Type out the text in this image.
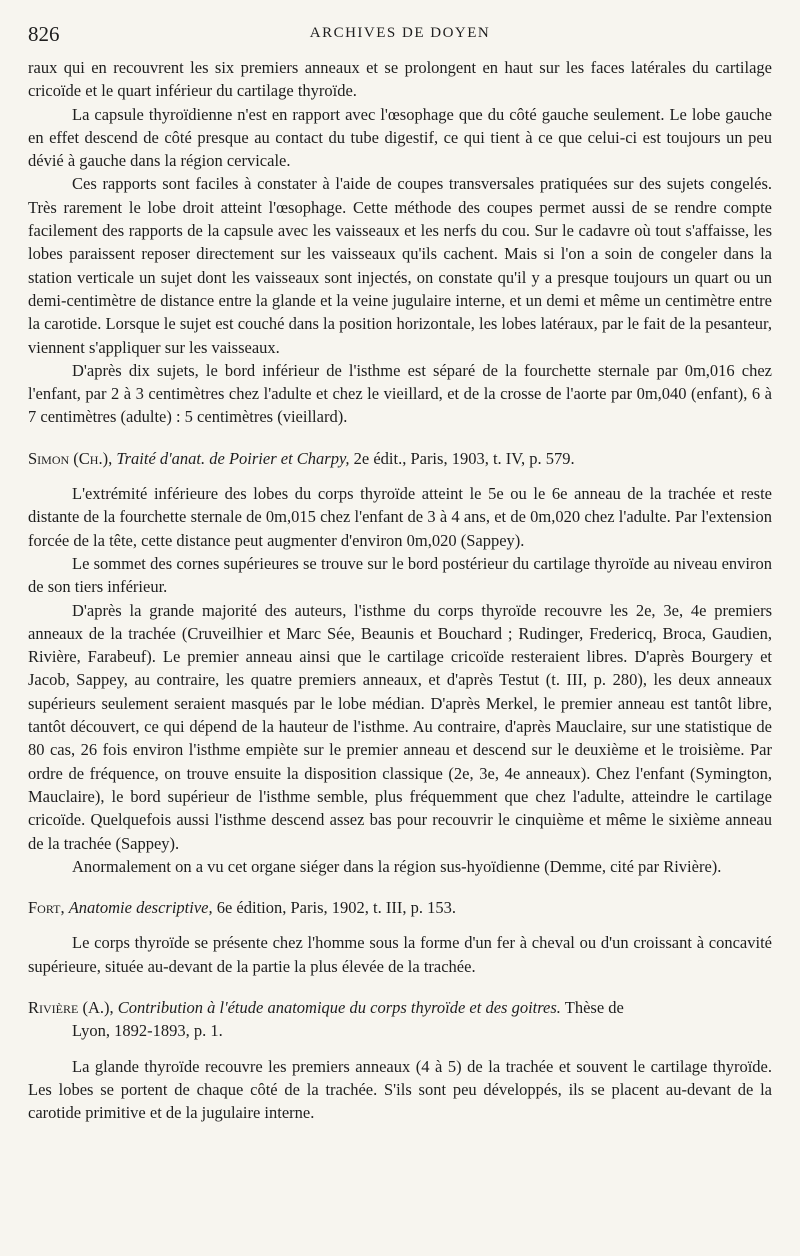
826	ARCHIVES DE DOYEN

raux qui en recouvrent les six premiers anneaux et se prolongent en haut sur les faces latérales du cartilage cricoïde et le quart inférieur du cartilage thyroïde.

La capsule thyroïdienne n'est en rapport avec l'œsophage que du côté gauche seulement. Le lobe gauche en effet descend de côté presque au contact du tube digestif, ce qui tient à ce que celui-ci est toujours un peu dévié à gauche dans la région cervicale.

Ces rapports sont faciles à constater à l'aide de coupes transversales pratiquées sur des sujets congelés. Très rarement le lobe droit atteint l'œsophage. Cette méthode des coupes permet aussi de se rendre compte facilement des rapports de la capsule avec les vaisseaux et les nerfs du cou. Sur le cadavre où tout s'affaisse, les lobes paraissent reposer directement sur les vaisseaux qu'ils cachent. Mais si l'on a soin de congeler dans la station verticale un sujet dont les vaisseaux sont injectés, on constate qu'il y a presque toujours un quart ou un demi-centimètre de distance entre la glande et la veine jugulaire interne, et un demi et même un centimètre entre la carotide. Lorsque le sujet est couché dans la position horizontale, les lobes latéraux, par le fait de la pesanteur, viennent s'appliquer sur les vaisseaux.

D'après dix sujets, le bord inférieur de l'isthme est séparé de la fourchette sternale par 0m,016 chez l'enfant, par 2 à 3 centimètres chez l'adulte et chez le vieillard, et de la crosse de l'aorte par 0m,040 (enfant), 6 à 7 centimètres (adulte) : 5 centimètres (vieillard).

Simon (Ch.), Traité d'anat. de Poirier et Charpy, 2e édit., Paris, 1903, t. IV, p. 579.

L'extrémité inférieure des lobes du corps thyroïde atteint le 5e ou le 6e anneau de la trachée et reste distante de la fourchette sternale de 0m,015 chez l'enfant de 3 à 4 ans, et de 0m,020 chez l'adulte. Par l'extension forcée de la tête, cette distance peut augmenter d'environ 0m,020 (Sappey).

Le sommet des cornes supérieures se trouve sur le bord postérieur du cartilage thyroïde au niveau environ de son tiers inférieur.

D'après la grande majorité des auteurs, l'isthme du corps thyroïde recouvre les 2e, 3e, 4e premiers anneaux de la trachée (Cruveilhier et Marc Sée, Beaunis et Bouchard ; Rudinger, Fredericq, Broca, Gaudien, Rivière, Farabeuf). Le premier anneau ainsi que le cartilage cricoïde resteraient libres. D'après Bourgery et Jacob, Sappey, au contraire, les quatre premiers anneaux, et d'après Testut (t. III, p. 280), les deux anneaux supérieurs seulement seraient masqués par le lobe médian. D'après Merkel, le premier anneau est tantôt libre, tantôt découvert, ce qui dépend de la hauteur de l'isthme. Au contraire, d'après Mauclaire, sur une statistique de 80 cas, 26 fois environ l'isthme empiète sur le premier anneau et descend sur le deuxième et le troisième. Par ordre de fréquence, on trouve ensuite la disposition classique (2e, 3e, 4e anneaux). Chez l'enfant (Symington, Mauclaire), le bord supérieur de l'isthme semble, plus fréquemment que chez l'adulte, atteindre le cartilage cricoïde. Quelquefois aussi l'isthme descend assez bas pour recouvrir le cinquième et même le sixième anneau de la trachée (Sappey).

Anormalement on a vu cet organe siéger dans la région sus-hyoïdienne (Demme, cité par Rivière).

Fort, Anatomie descriptive, 6e édition, Paris, 1902, t. III, p. 153.

Le corps thyroïde se présente chez l'homme sous la forme d'un fer à cheval ou d'un croissant à concavité supérieure, située au-devant de la partie la plus élevée de la trachée.

Rivière (A.), Contribution à l'étude anatomique du corps thyroïde et des goitres. Thèse de
Lyon, 1892-1893, p. 1.

La glande thyroïde recouvre les premiers anneaux (4 à 5) de la trachée et souvent le cartilage thyroïde. Les lobes se portent de chaque côté de la trachée. S'ils sont peu développés, ils se placent au-devant de la carotide primitive et de la jugulaire interne.
